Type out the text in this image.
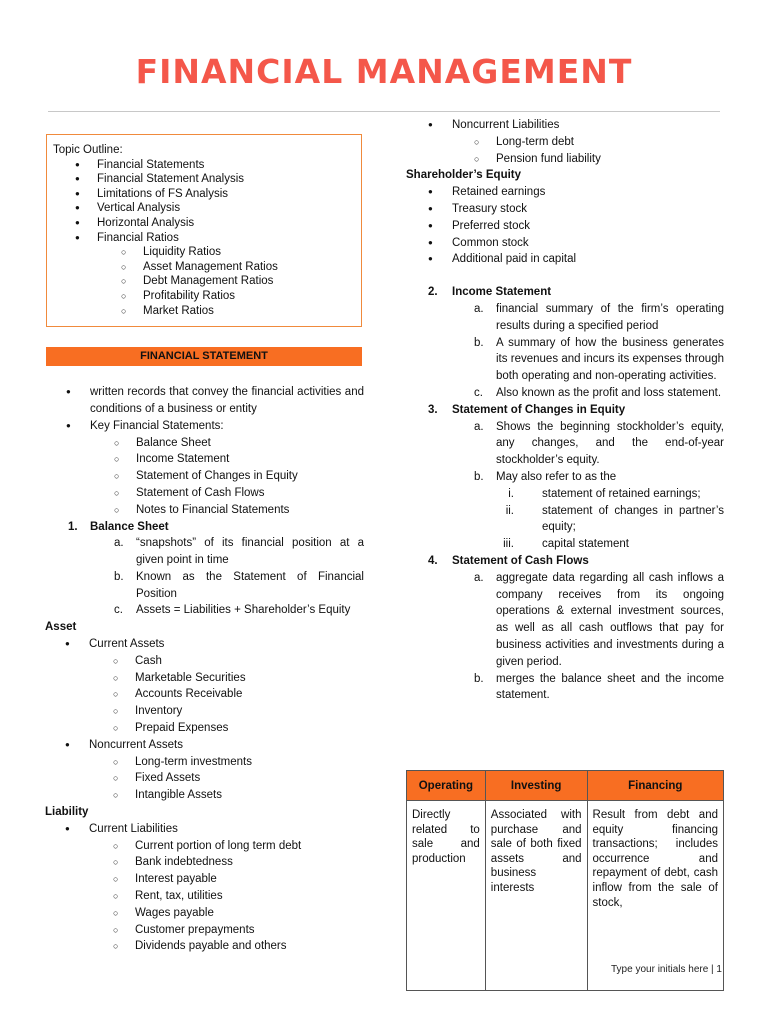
FINANCIAL MANAGEMENT
Topic Outline:
● Financial Statements
● Financial Statement Analysis
● Limitations of FS Analysis
● Vertical Analysis
● Horizontal Analysis
● Financial Ratios
○ Liquidity Ratios
○ Asset Management Ratios
○ Debt Management Ratios
○ Profitability Ratios
○ Market Ratios
FINANCIAL STATEMENT
● written records that convey the financial activities and conditions of a business or entity
● Key Financial Statements:
○ Balance Sheet
○ Income Statement
○ Statement of Changes in Equity
○ Statement of Cash Flows
○ Notes to Financial Statements
1. Balance Sheet
a. “snapshots” of its financial position at a given point in time
b. Known as the Statement of Financial Position
c. Assets = Liabilities + Shareholder’s Equity
Asset
● Current Assets
○ Cash
○ Marketable Securities
○ Accounts Receivable
○ Inventory
○ Prepaid Expenses
● Noncurrent Assets
○ Long-term investments
○ Fixed Assets
○ Intangible Assets
Liability
● Current Liabilities
○ Current portion of long term debt
○ Bank indebtedness
○ Interest payable
○ Rent, tax, utilities
○ Wages payable
○ Customer prepayments
○ Dividends payable and others
● Noncurrent Liabilities
○ Long-term debt
○ Pension fund liability
Shareholder’s Equity
● Retained earnings
● Treasury stock
● Preferred stock
● Common stock
● Additional paid in capital
2. Income Statement
a. financial summary of the firm’s operating results during a specified period
b. A summary of how the business generates its revenues and incurs its expenses through both operating and non-operating activities.
c. Also known as the profit and loss statement.
3. Statement of Changes in Equity
a. Shows the beginning stockholder’s equity, any changes, and the end-of-year stockholder’s equity.
b. May also refer to as the
i. statement of retained earnings;
ii. statement of changes in partner’s equity;
iii. capital statement
4. Statement of Cash Flows
a. aggregate data regarding all cash inflows a company receives from its ongoing operations & external investment sources, as well as all cash outflows that pay for business activities and investments during a given period.
b. merges the balance sheet and the income statement.
Operating	Investing	Financing
Directly related to sale and production	Associated with purchase and sale of both fixed assets and business interests	Result from debt and equity financing transactions; includes occurrence and repayment of debt, cash inflow from the sale of stock,
Type your initials here | 1
